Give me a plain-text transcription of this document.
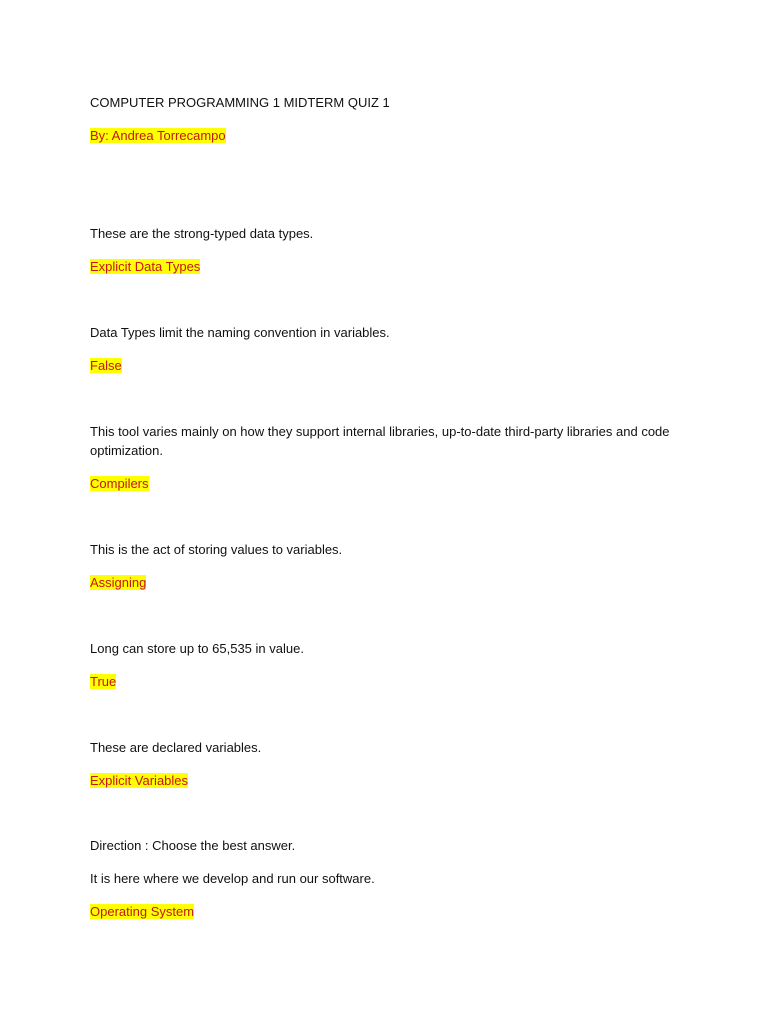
COMPUTER PROGRAMMING 1 MIDTERM QUIZ 1
By: Andrea Torrecampo
These are the strong-typed data types.
Explicit Data Types
Data Types limit the naming convention in variables.
False
This tool varies mainly on how they support internal libraries, up-to-date third-party libraries and code optimization.
Compilers
This is the act of storing values to variables.
Assigning
Long can store up to 65,535 in value.
True
These are declared variables.
Explicit Variables
Direction : Choose the best answer.
It is here where we develop and run our software.
Operating System
